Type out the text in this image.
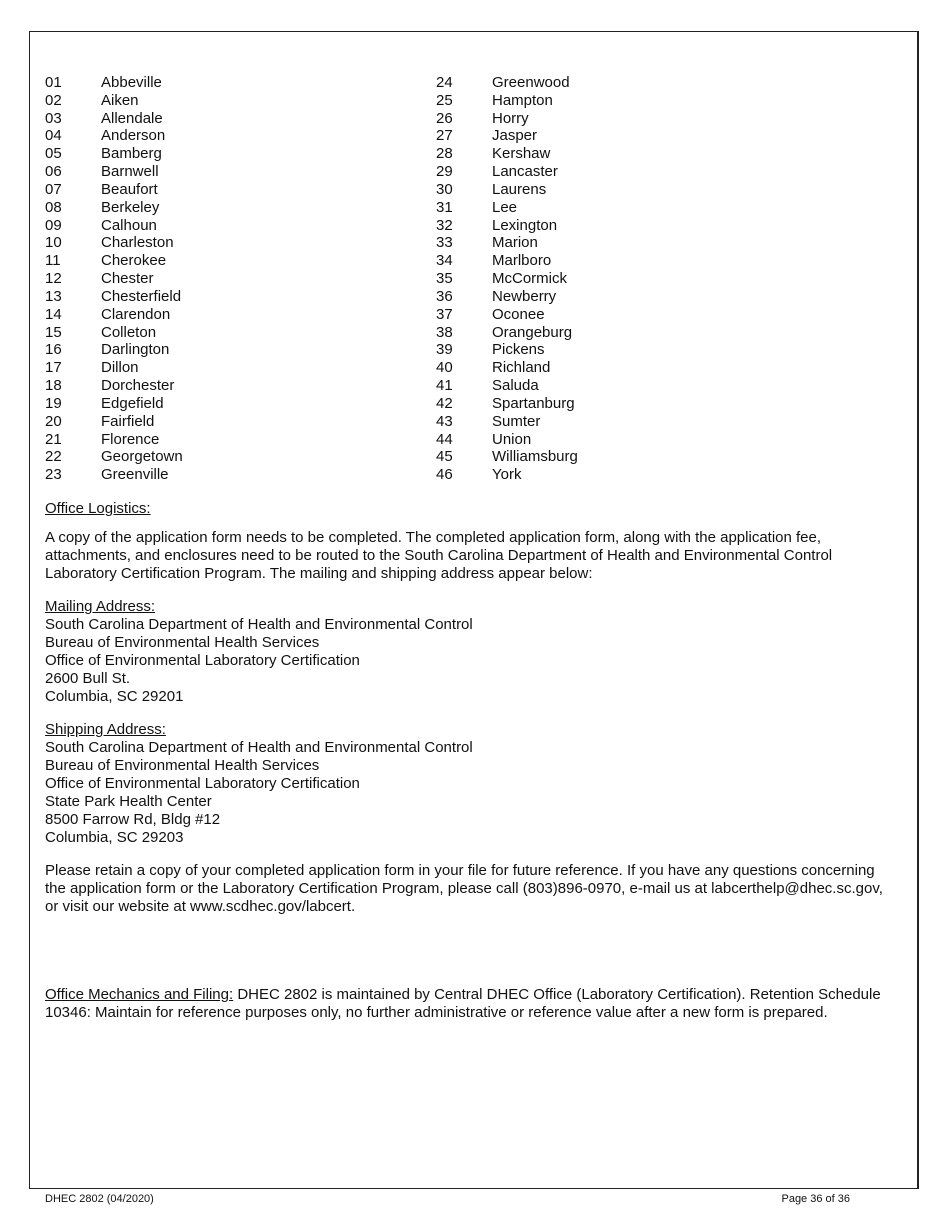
01	Abbeville
02	Aiken
03	Allendale
04	Anderson
05	Bamberg
06	Barnwell
07	Beaufort
08	Berkeley
09	Calhoun
10	Charleston
11	Cherokee
12	Chester
13	Chesterfield
14	Clarendon
15	Colleton
16	Darlington
17	Dillon
18	Dorchester
19	Edgefield
20	Fairfield
21	Florence
22	Georgetown
23	Greenville
24	Greenwood
25	Hampton
26	Horry
27	Jasper
28	Kershaw
29	Lancaster
30	Laurens
31	Lee
32	Lexington
33	Marion
34	Marlboro
35	McCormick
36	Newberry
37	Oconee
38	Orangeburg
39	Pickens
40	Richland
41	Saluda
42	Spartanburg
43	Sumter
44	Union
45	Williamsburg
46	York

Office Logistics:

A copy of the application form needs to be completed. The completed application form, along with the application fee, attachments, and enclosures need to be routed to the South Carolina Department of Health and Environmental Control Laboratory Certification Program. The mailing and shipping address appear below:

Mailing Address:
South Carolina Department of Health and Environmental Control
Bureau of Environmental Health Services
Office of Environmental Laboratory Certification
2600 Bull St.
Columbia, SC 29201
Shipping Address:
South Carolina Department of Health and Environmental Control
Bureau of Environmental Health Services
Office of Environmental Laboratory Certification
State Park Health Center
8500 Farrow Rd, Bldg #12
Columbia, SC 29203

Please retain a copy of your completed application form in your file for future reference. If you have any questions concerning the application form or the Laboratory Certification Program, please call (803)896-0970, e-mail us at labcerthelp@dhec.sc.gov, or visit our website at www.scdhec.gov/labcert.

Office Mechanics and Filing: DHEC 2802 is maintained by Central DHEC Office (Laboratory Certification). Retention Schedule 10346: Maintain for reference purposes only, no further administrative or reference value after a new form is prepared.

DHEC 2802 (04/2020)	Page 36 of 36
